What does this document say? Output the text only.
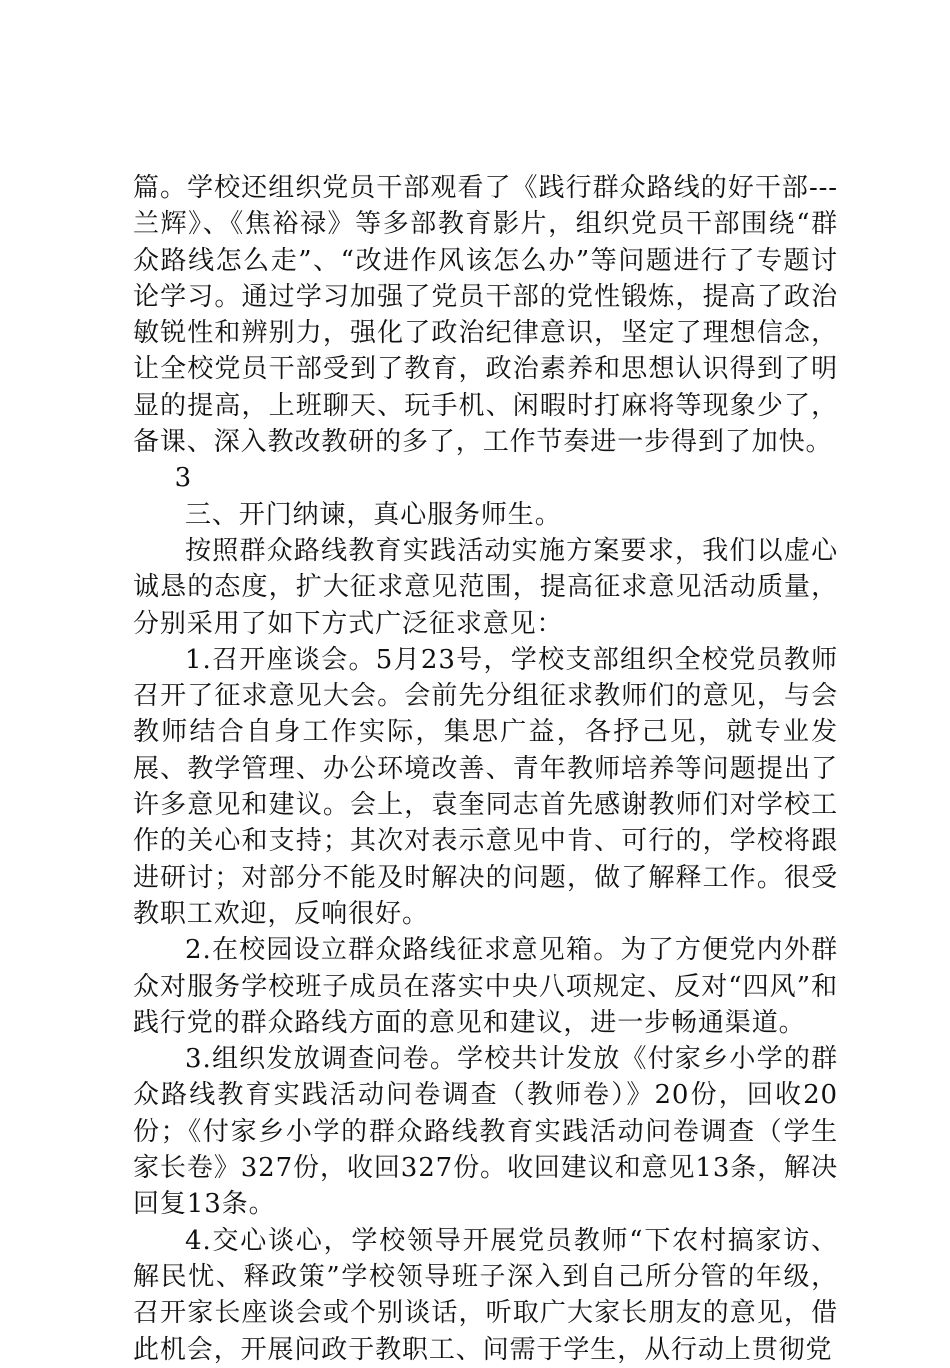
篇。学校还组织党员干部观看了《践行群众路线的好干部---兰辉》、《焦裕禄》等多部教育影片，组织党员干部围绕“群众路线怎么走”、“改进作风该怎么办”等问题进行了专题讨论学习。通过学习加强了党员干部的党性锻炼，提高了政治敏锐性和辨别力，强化了政治纪律意识，坚定了理想信念，让全校党员干部受到了教育，政治素养和思想认识得到了明显的提高，上班聊天、玩手机、闲暇时打麻将等现象少了，备课、深入教改教研的多了，工作节奏进一步得到了加快。

3

三、开门纳谏，真心服务师生。

按照群众路线教育实践活动实施方案要求，我们以虚心诚恳的态度，扩大征求意见范围，提高征求意见活动质量，分别采用了如下方式广泛征求意见：

1.召开座谈会。5月23号，学校支部组织全校党员教师召开了征求意见大会。会前先分组征求教师们的意见，与会教师结合自身工作实际，集思广益，各抒己见，就专业发展、教学管理、办公环境改善、青年教师培养等问题提出了许多意见和建议。会上，袁奎同志首先感谢教师们对学校工作的关心和支持；其次对表示意见中肯、可行的，学校将跟进研讨；对部分不能及时解决的问题，做了解释工作。很受教职工欢迎，反响很好。

2.在校园设立群众路线征求意见箱。为了方便党内外群众对服务学校班子成员在落实中央八项规定、反对“四风”和践行党的群众路线方面的意见和建议，进一步畅通渠道。

3.组织发放调查问卷。学校共计发放《付家乡小学的群众路线教育实践活动问卷调查（教师卷）》20份，回收20份；《付家乡小学的群众路线教育实践活动问卷调查（学生家长卷》327份，收回327份。收回建议和意见13条，解决回复13条。

4.交心谈心，学校领导开展党员教师“下农村搞家访、解民忧、释政策”学校领导班子深入到自己所分管的年级，召开家长座谈会或个别谈话，听取广大家长朋友的意见，借此机会，开展问政于教职工、问需于学生，从行动上贯彻党
